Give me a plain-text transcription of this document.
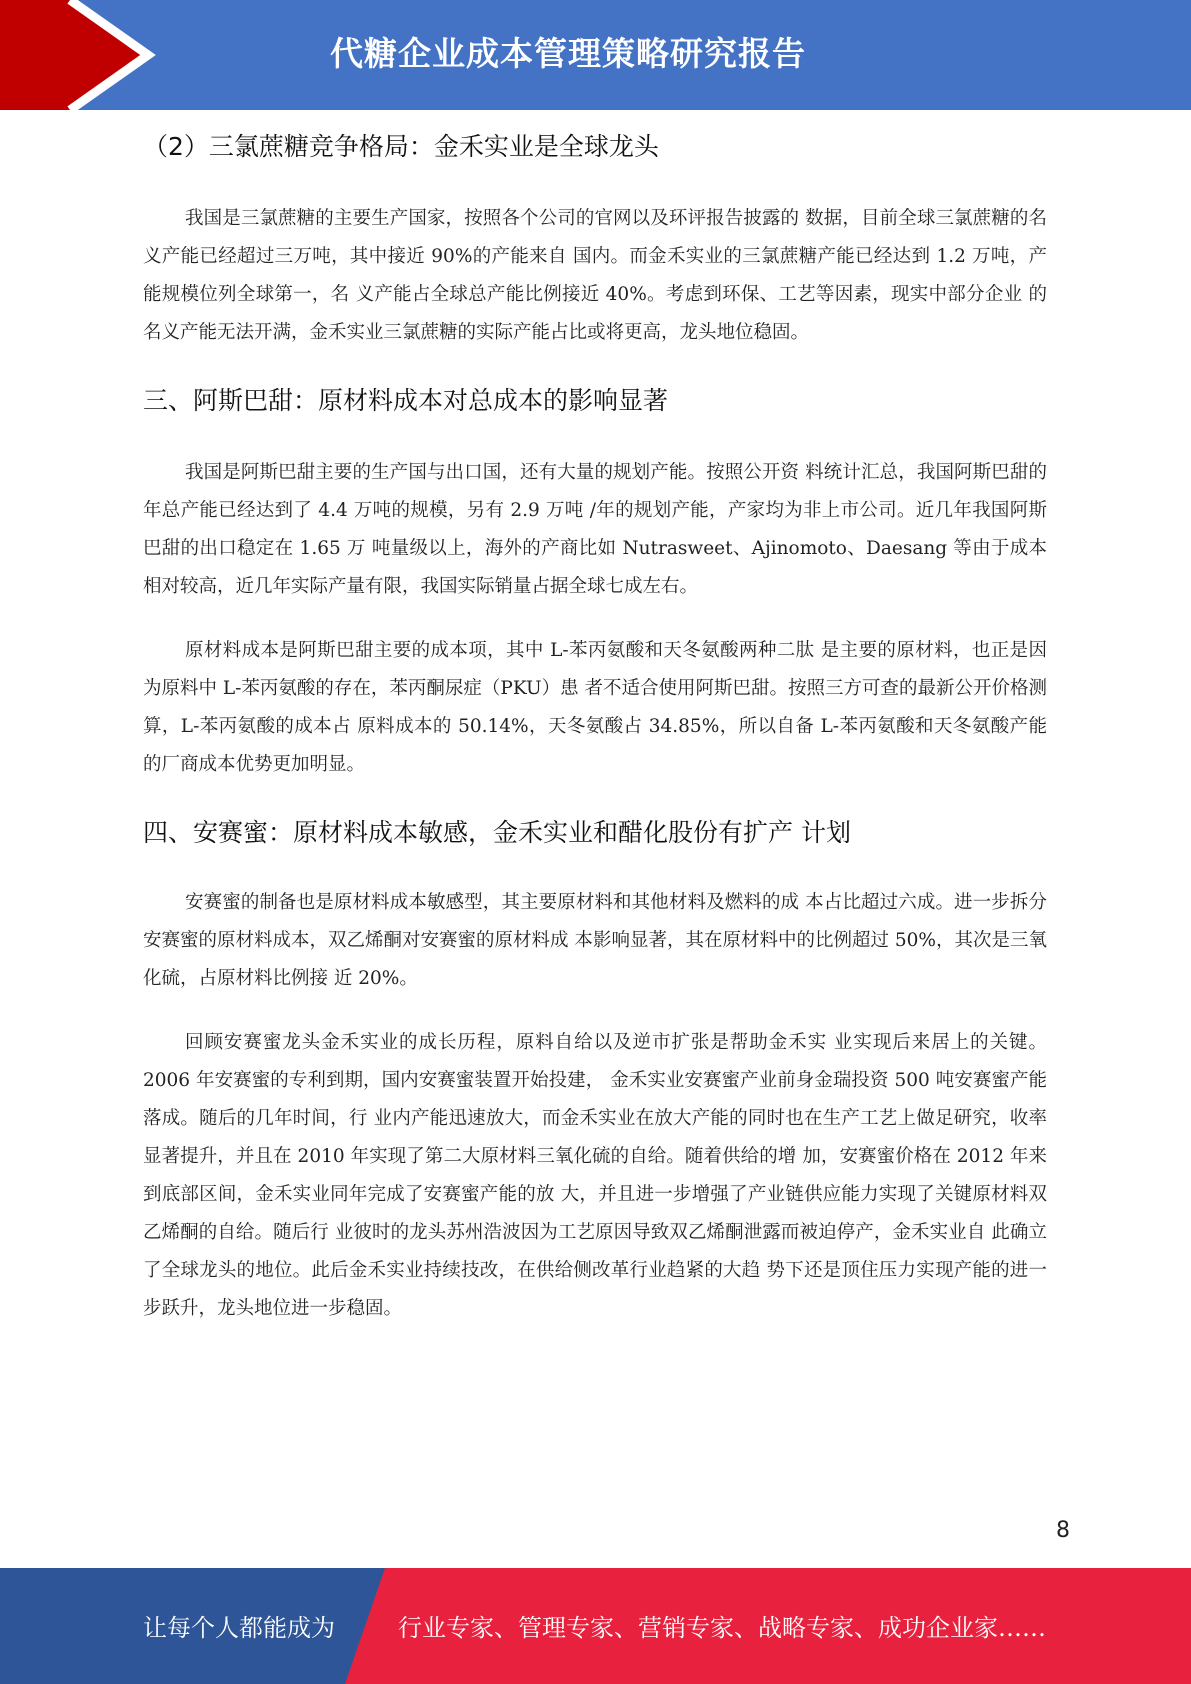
代糖企业成本管理策略研究报告
（2）三氯蔗糖竞争格局：金禾实业是全球龙头

我国是三氯蔗糖的主要生产国家，按照各个公司的官网以及环评报告披露的 数据，目前全球三氯蔗糖的名义产能已经超过三万吨，其中接近 90%的产能来自 国内。而金禾实业的三氯蔗糖产能已经达到 1.2 万吨，产能规模位列全球第一，名 义产能占全球总产能比例接近 40%。考虑到环保、工艺等因素，现实中部分企业 的名义产能无法开满，金禾实业三氯蔗糖的实际产能占比或将更高，龙头地位稳固。

三、阿斯巴甜：原材料成本对总成本的影响显著

我国是阿斯巴甜主要的生产国与出口国，还有大量的规划产能。按照公开资 料统计汇总，我国阿斯巴甜的年总产能已经达到了 4.4 万吨的规模，另有 2.9 万吨 /年的规划产能，产家均为非上市公司。近几年我国阿斯巴甜的出口稳定在 1.65 万 吨量级以上，海外的产商比如 Nutrasweet、Ajinomoto、Daesang 等由于成本 相对较高，近几年实际产量有限，我国实际销量占据全球七成左右。

原材料成本是阿斯巴甜主要的成本项，其中 L-苯丙氨酸和天冬氨酸两种二肽 是主要的原材料，也正是因为原料中 L-苯丙氨酸的存在，苯丙酮尿症（PKU）患 者不适合使用阿斯巴甜。按照三方可查的最新公开价格测算，L-苯丙氨酸的成本占 原料成本的 50.14%，天冬氨酸占 34.85%，所以自备 L-苯丙氨酸和天冬氨酸产能 的厂商成本优势更加明显。

四、安赛蜜：原材料成本敏感，金禾实业和醋化股份有扩产 计划

安赛蜜的制备也是原材料成本敏感型，其主要原材料和其他材料及燃料的成 本占比超过六成。进一步拆分安赛蜜的原材料成本，双乙烯酮对安赛蜜的原材料成 本影响显著，其在原材料中的比例超过 50%，其次是三氧化硫，占原材料比例接 近 20%。

回顾安赛蜜龙头金禾实业的成长历程，原料自给以及逆市扩张是帮助金禾实 业实现后来居上的关键。2006 年安赛蜜的专利到期，国内安赛蜜装置开始投建， 金禾实业安赛蜜产业前身金瑞投资 500 吨安赛蜜产能落成。随后的几年时间，行 业内产能迅速放大，而金禾实业在放大产能的同时也在生产工艺上做足研究，收率 显著提升，并且在 2010 年实现了第二大原材料三氧化硫的自给。随着供给的增 加，安赛蜜价格在 2012 年来到底部区间，金禾实业同年完成了安赛蜜产能的放 大，并且进一步增强了产业链供应能力实现了关键原材料双乙烯酮的自给。随后行 业彼时的龙头苏州浩波因为工艺原因导致双乙烯酮泄露而被迫停产，金禾实业自 此确立了全球龙头的地位。此后金禾实业持续技改，在供给侧改革行业趋紧的大趋 势下还是顶住压力实现产能的进一步跃升，龙头地位进一步稳固。

8
让每个人都能成为	行业专家、管理专家、营销专家、战略专家、成功企业家……
